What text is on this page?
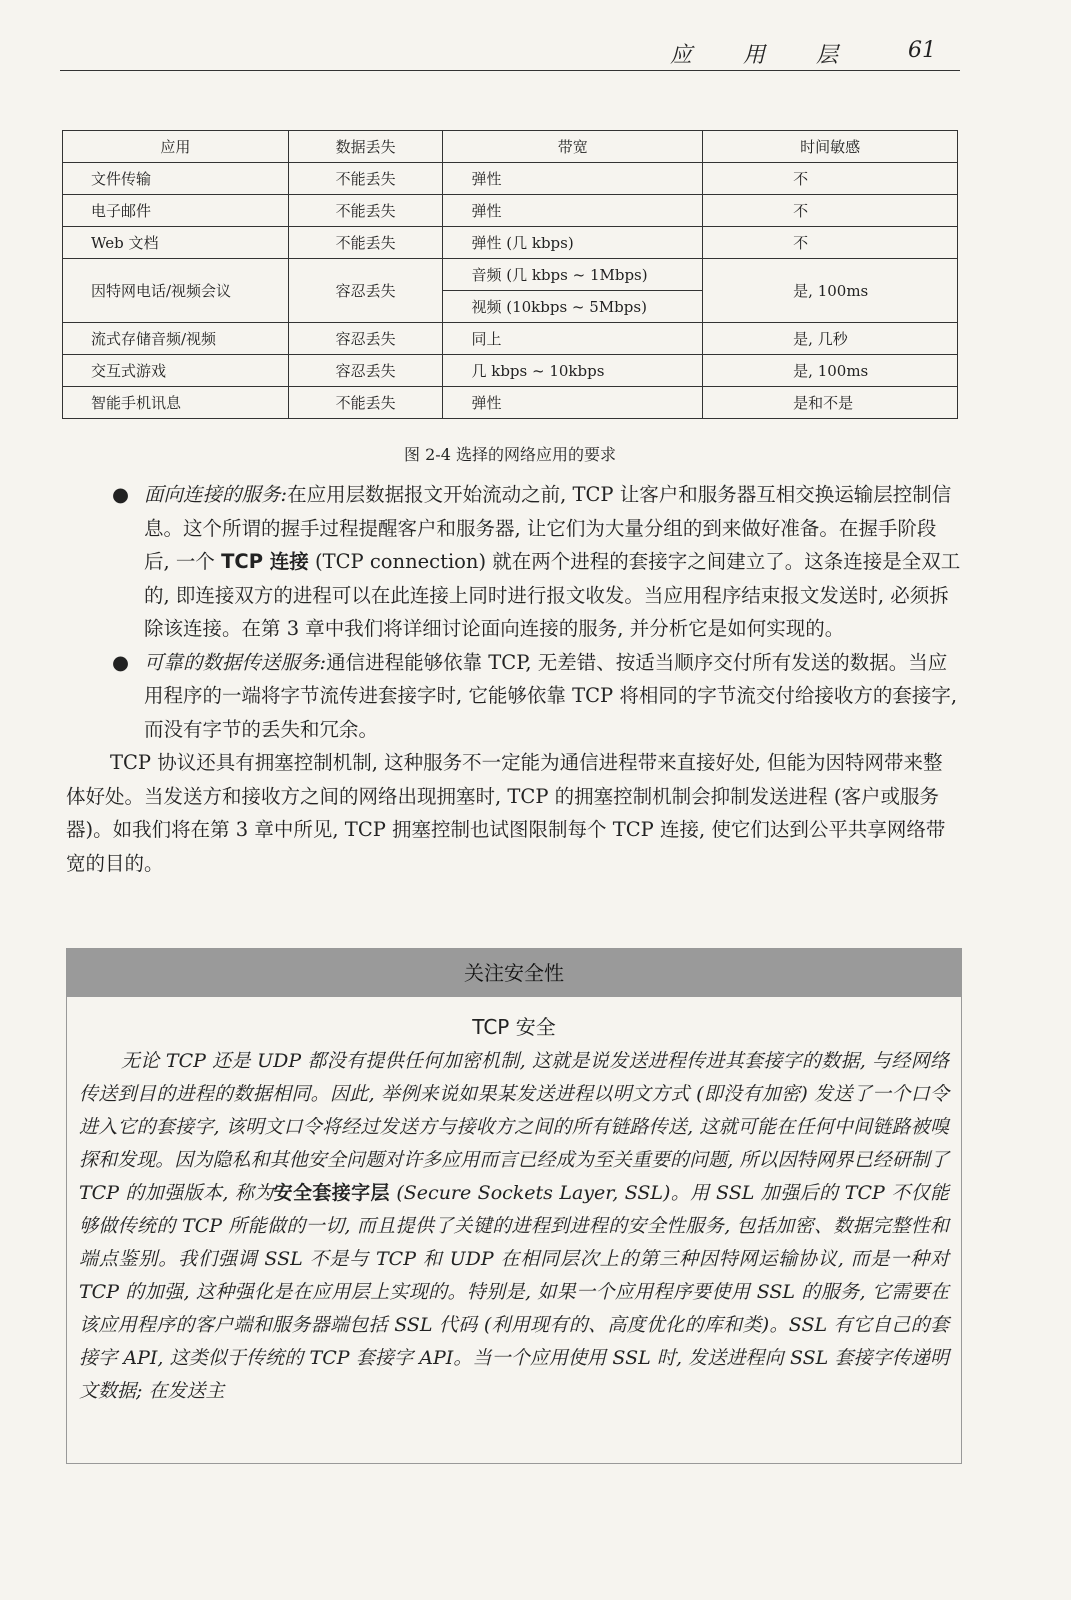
应 用 层 61
应用	数据丢失	带宽	时间敏感
文件传输	不能丢失	弹性	不
电子邮件	不能丢失	弹性	不
Web 文档	不能丢失	弹性 (几 kbps)	不
因特网电话/视频会议	容忍丢失	音频 (几 kbps ~ 1Mbps)	是, 100ms
		视频 (10kbps ~ 5Mbps)	
流式存储音频/视频	容忍丢失	同上	是, 几秒
交互式游戏	容忍丢失	几 kbps ~ 10kbps	是, 100ms
智能手机讯息	不能丢失	弹性	是和不是
图 2-4 选择的网络应用的要求
● 面向连接的服务:在应用层数据报文开始流动之前, TCP 让客户和服务器互相交换运输层控制信息。这个所谓的握手过程提醒客户和服务器, 让它们为大量分组的到来做好准备。在握手阶段后, 一个 TCP 连接 (TCP connection) 就在两个进程的套接字之间建立了。这条连接是全双工的, 即连接双方的进程可以在此连接上同时进行报文收发。当应用程序结束报文发送时, 必须拆除该连接。在第 3 章中我们将详细讨论面向连接的服务, 并分析它是如何实现的。
● 可靠的数据传送服务:通信进程能够依靠 TCP, 无差错、按适当顺序交付所有发送的数据。当应用程序的一端将字节流传进套接字时, 它能够依靠 TCP 将相同的字节流交付给接收方的套接字, 而没有字节的丢失和冗余。
TCP 协议还具有拥塞控制机制, 这种服务不一定能为通信进程带来直接好处, 但能为因特网带来整体好处。当发送方和接收方之间的网络出现拥塞时, TCP 的拥塞控制机制会抑制发送进程 (客户或服务器)。如我们将在第 3 章中所见, TCP 拥塞控制也试图限制每个 TCP 连接, 使它们达到公平共享网络带宽的目的。
关注安全性
TCP 安全
无论 TCP 还是 UDP 都没有提供任何加密机制, 这就是说发送进程传进其套接字的数据, 与经网络传送到目的进程的数据相同。因此, 举例来说如果某发送进程以明文方式 (即没有加密) 发送了一个口令进入它的套接字, 该明文口令将经过发送方与接收方之间的所有链路传送, 这就可能在任何中间链路被嗅探和发现。因为隐私和其他安全问题对许多应用而言已经成为至关重要的问题, 所以因特网界已经研制了 TCP 的加强版本, 称为安全套接字层 (Secure Sockets Layer, SSL)。用 SSL 加强后的 TCP 不仅能够做传统的 TCP 所能做的一切, 而且提供了关键的进程到进程的安全性服务, 包括加密、数据完整性和端点鉴别。我们强调 SSL 不是与 TCP 和 UDP 在相同层次上的第三种因特网运输协议, 而是一种对 TCP 的加强, 这种强化是在应用层上实现的。特别是, 如果一个应用程序要使用 SSL 的服务, 它需要在该应用程序的客户端和服务器端包括 SSL 代码 (利用现有的、高度优化的库和类)。SSL 有它自己的套接字 API, 这类似于传统的 TCP 套接字 API。当一个应用使用 SSL 时, 发送进程向 SSL 套接字传递明文数据; 在发送主
